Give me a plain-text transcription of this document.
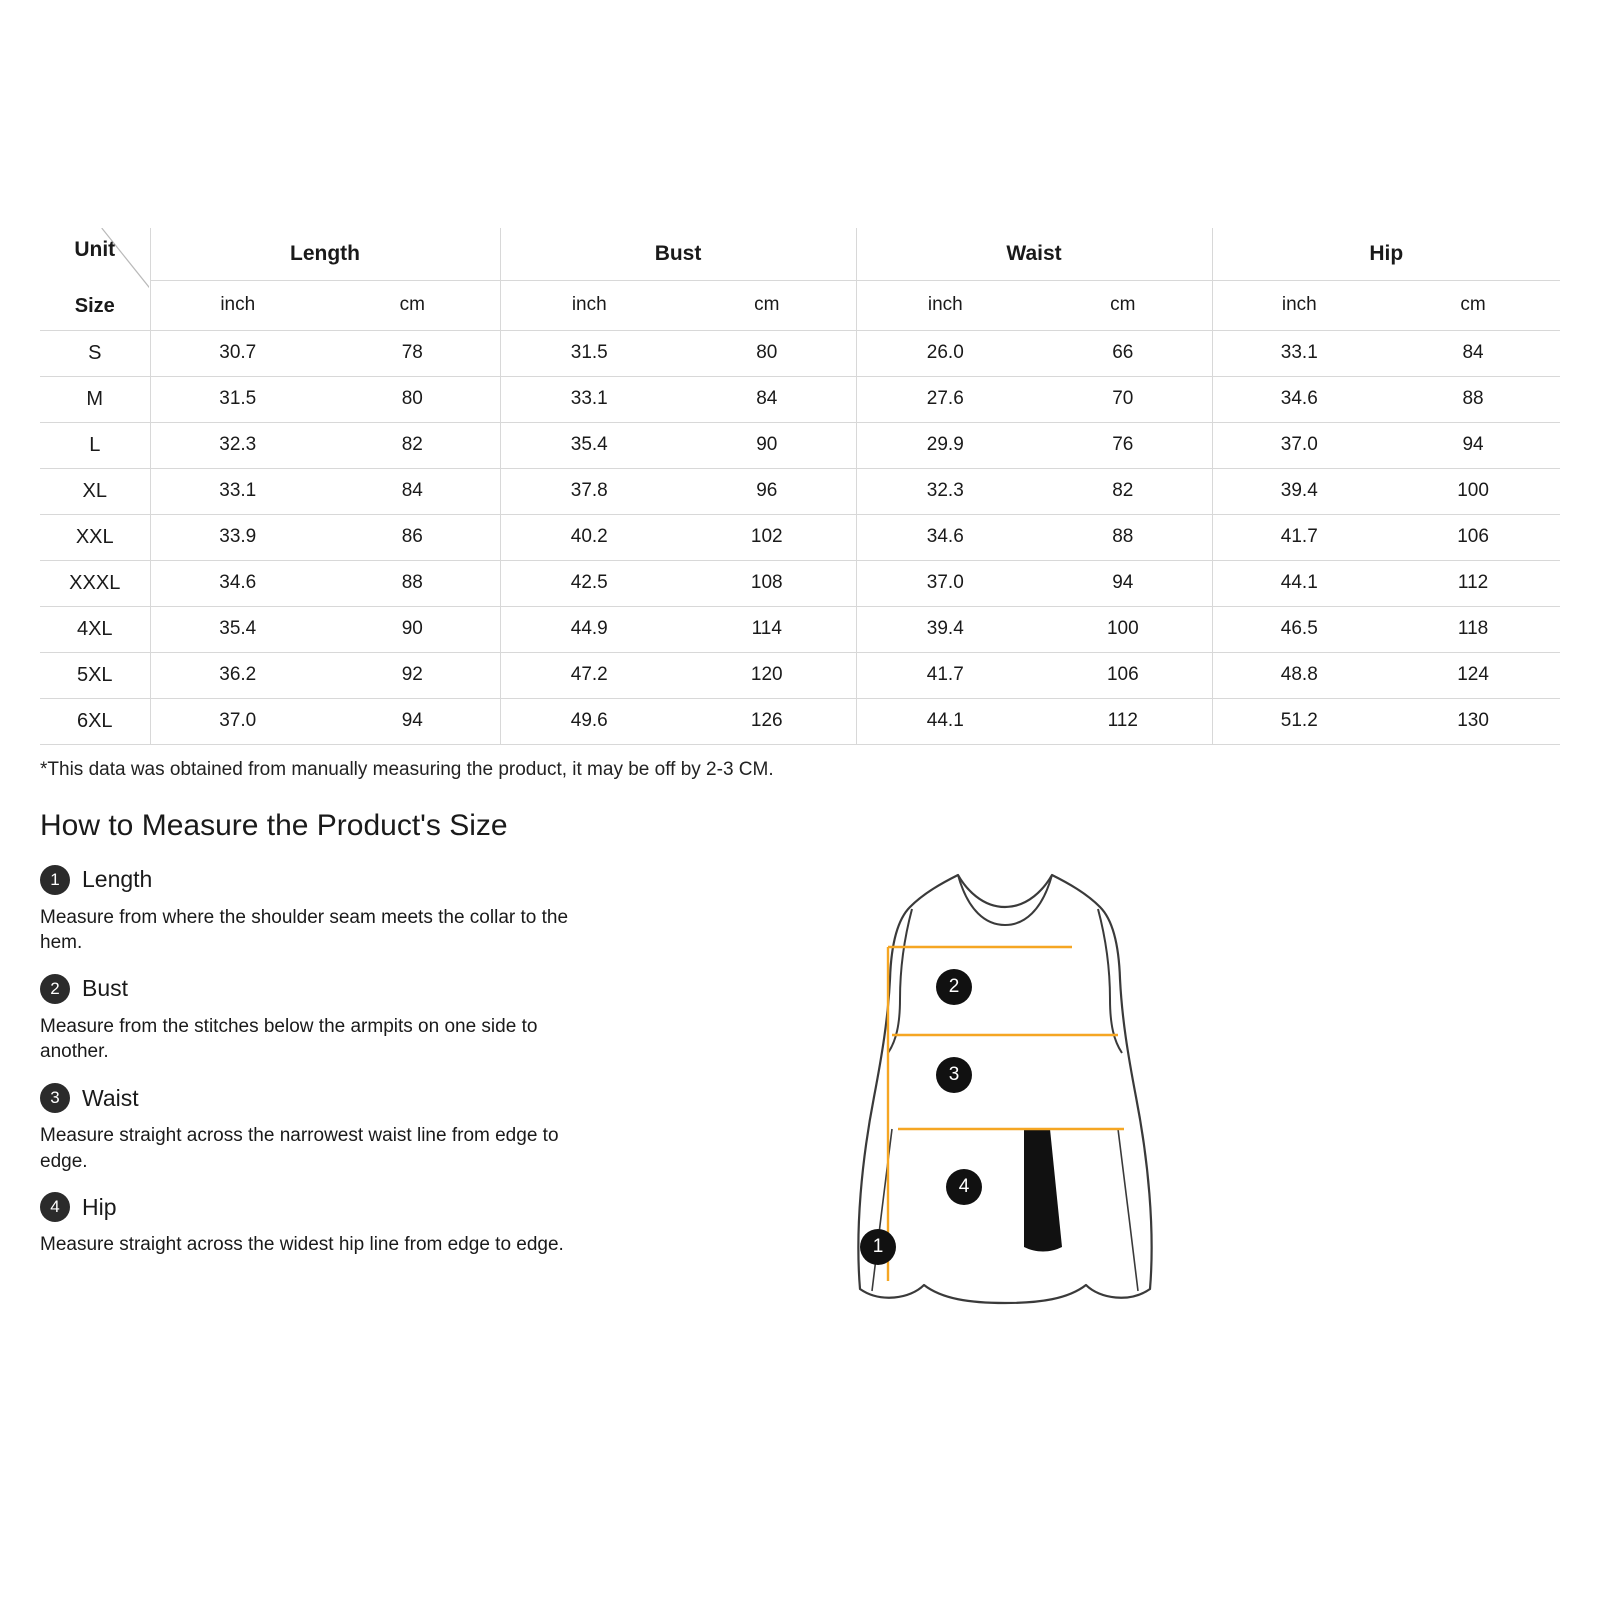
Unit
Size	Length		Bust		Waist		Hip	
	inch	cm	inch	cm	inch	cm	inch	cm
S	30.7	78	31.5	80	26.0	66	33.1	84
M	31.5	80	33.1	84	27.6	70	34.6	88
L	32.3	82	35.4	90	29.9	76	37.0	94
XL	33.1	84	37.8	96	32.3	82	39.4	100
XXL	33.9	86	40.2	102	34.6	88	41.7	106
XXXL	34.6	88	42.5	108	37.0	94	44.1	112
4XL	35.4	90	44.9	114	39.4	100	46.5	118
5XL	36.2	92	47.2	120	41.7	106	48.8	124
6XL	37.0	94	49.6	126	44.1	112	51.2	130
*This data was obtained from manually measuring the product, it may be off by 2-3 CM.
How to Measure the Product's Size
1 Length
Measure from where the shoulder seam meets the collar to the hem.
2 Bust
Measure from the stitches below the armpits on one side to another.
3 Waist
Measure straight across the narrowest waist line from edge to edge.
4 Hip
Measure straight across the widest hip line from edge to edge.	1
2
3
4
